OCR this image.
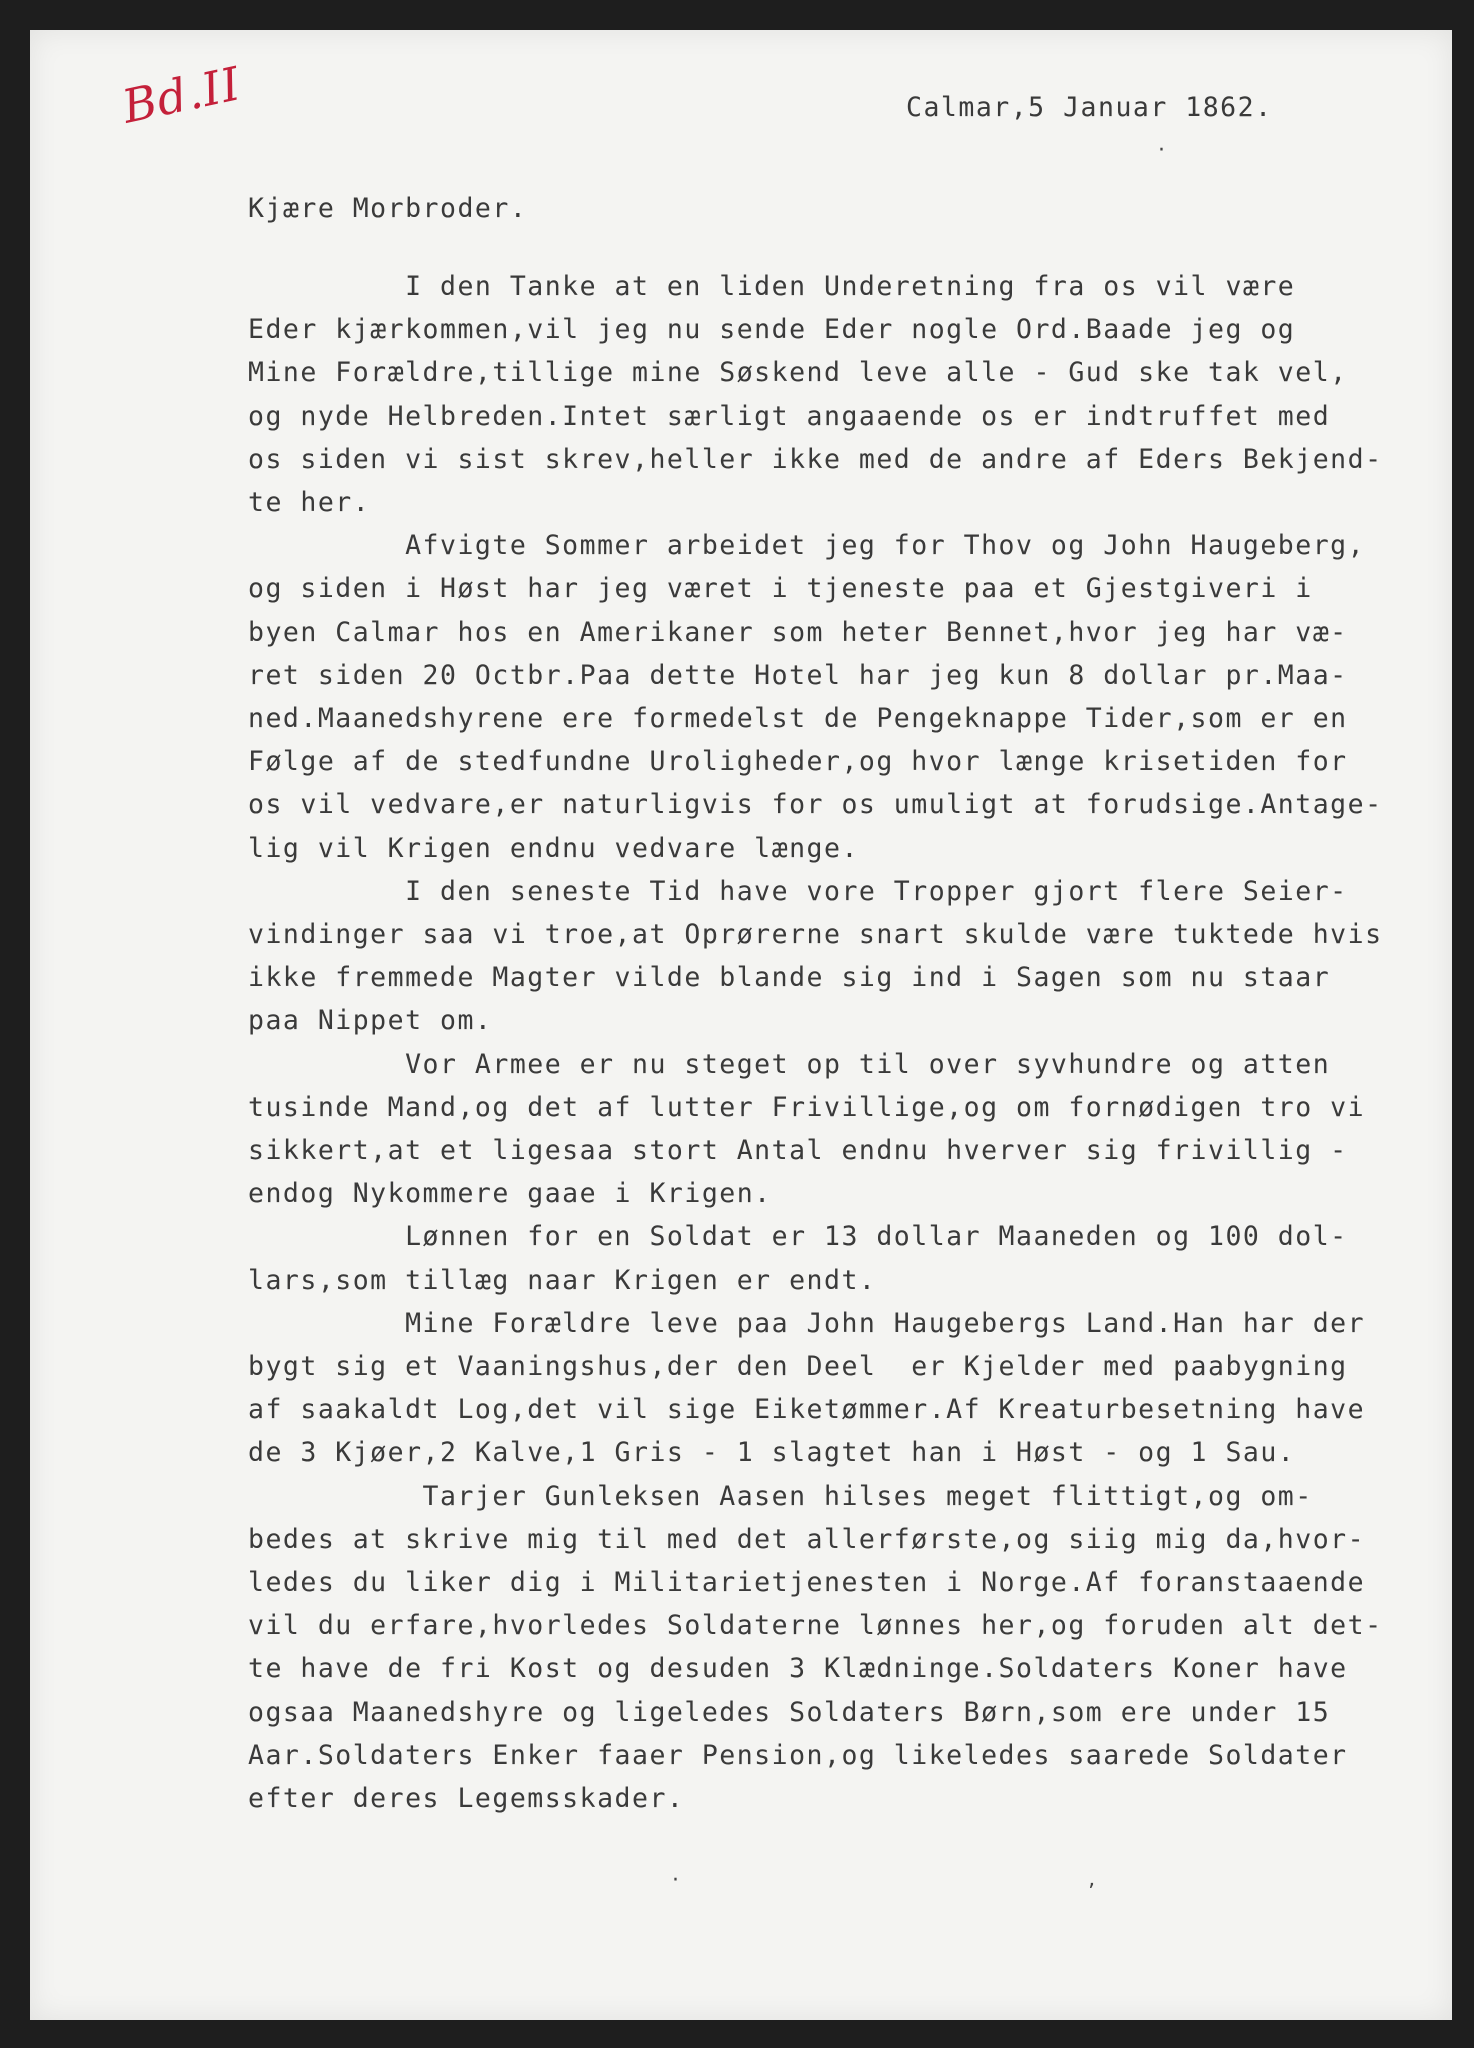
Bd.II	Calmar,5 Januar 1862.
Kjære Morbroder.
I den Tanke at en liden Underetning fra os vil være
Eder kjærkommen,vil jeg nu sende Eder nogle Ord.Baade jeg og
Mine Forældre,tillige mine Søskend leve alle - Gud ske tak vel,
og nyde Helbreden.Intet særligt angaaende os er indtruffet med
os siden vi sist skrev,heller ikke med de andre af Eders Bekjend-
te her.
Afvigte Sommer arbeidet jeg for Thov og John Haugeberg,
og siden i Høst har jeg været i tjeneste paa et Gjestgiveri i
byen Calmar hos en Amerikaner som heter Bennet,hvor jeg har væ-
ret siden 20 Octbr.Paa dette Hotel har jeg kun 8 dollar pr.Maa-
ned.Maanedshyrene ere formedelst de Pengeknappe Tider,som er en
Følge af de stedfundne Uroligheder,og hvor længe krisetiden for
os vil vedvare,er naturligvis for os umuligt at forudsige.Antage-
lig vil Krigen endnu vedvare længe.
I den seneste Tid have vore Tropper gjort flere Seier-
vindinger saa vi troe,at Oprørerne snart skulde være tuktede hvis
ikke fremmede Magter vilde blande sig ind i Sagen som nu staar
paa Nippet om.
Vor Armee er nu steget op til over syvhundre og atten
tusinde Mand,og det af lutter Frivillige,og om fornødigen tro vi
sikkert,at et ligesaa stort Antal endnu hverver sig frivillig -
endog Nykommere gaae i Krigen.
Lønnen for en Soldat er 13 dollar Maaneden og 100 dol-
lars,som tillæg naar Krigen er endt.
Mine Forældre leve paa John Haugebergs Land.Han har der
bygt sig et Vaaningshus,der den Deel  er Kjelder med paabygning
af saakaldt Log,det vil sige Eiketømmer.Af Kreaturbesetning have
de 3 Kjøer,2 Kalve,1 Gris - 1 slagtet han i Høst - og 1 Sau.
Tarjer Gunleksen Aasen hilses meget flittigt,og om-
bedes at skrive mig til med det allerførste,og siig mig da,hvor-
ledes du liker dig i Militarietjenesten i Norge.Af foranstaaende
vil du erfare,hvorledes Soldaterne lønnes her,og foruden alt det-
te have de fri Kost og desuden 3 Klædninge.Soldaters Koner have
ogsaa Maanedshyre og ligeledes Soldaters Børn,som ere under 15
Aar.Soldaters Enker faaer Pension,og likeledes saarede Soldater
efter deres Legemsskader.
·
·	ʼ
